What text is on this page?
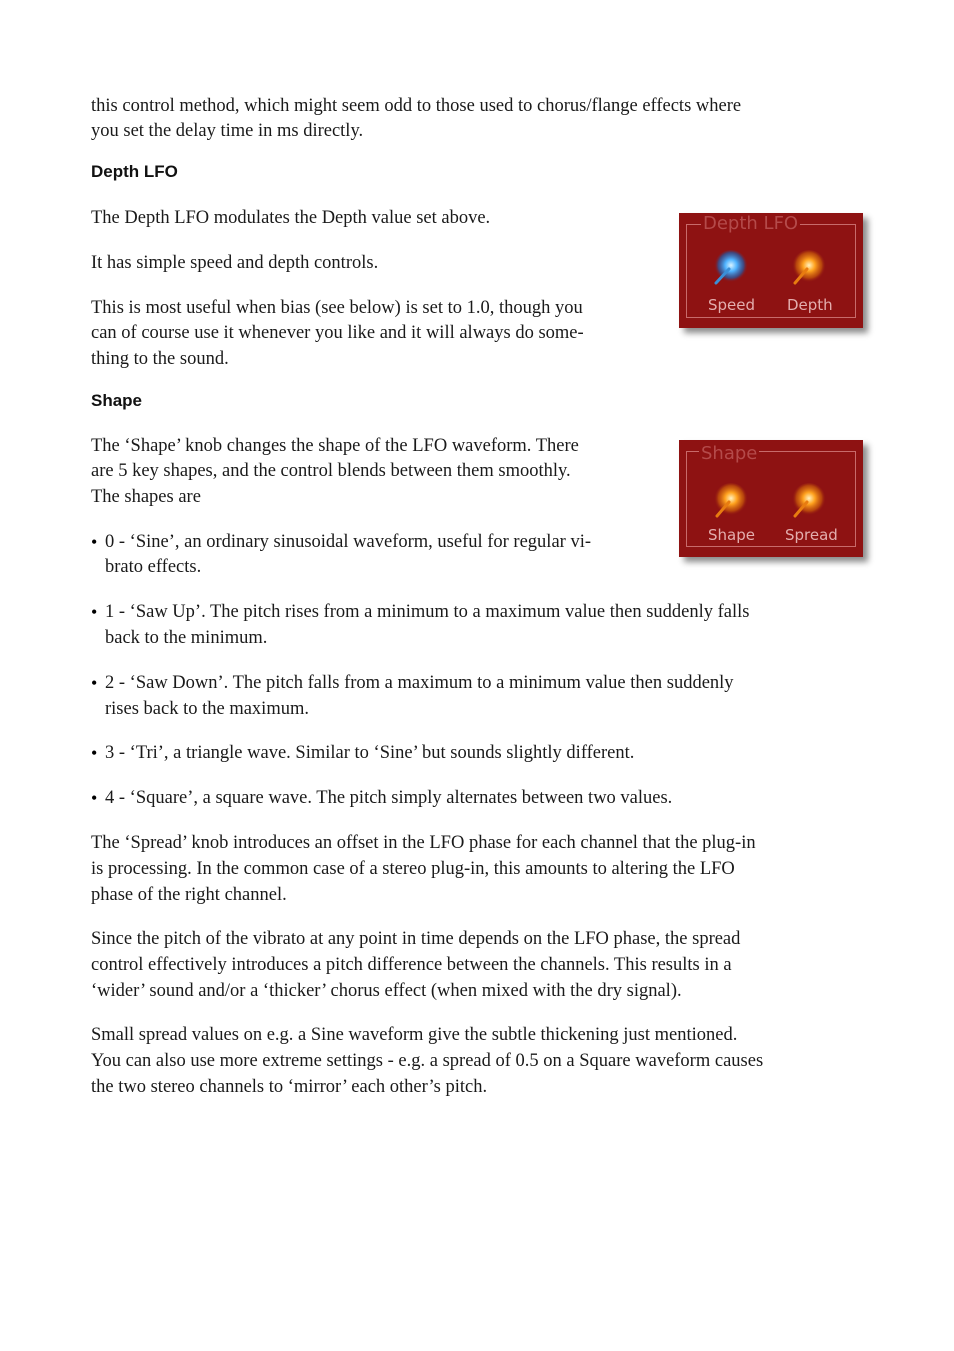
this control method, which might seem odd to those used to chorus/flange effects where
you set the delay time in ms directly.
Depth LFO
The Depth LFO modulates the Depth value set above.
It has simple speed and depth controls.
This is most useful when bias (see below) is set to 1.0, though you
can of course use it whenever you like and it will always do some-
thing to the sound.
Depth LFO
Speed Depth
Shape
The ‘Shape’ knob changes the shape of the LFO waveform. There
are 5 key shapes, and the control blends between them smoothly.
The shapes are
Shape
Shape Spread
• 0 - ‘Sine’, an ordinary sinusoidal waveform, useful for regular vi-
brato effects.
• 1 - ‘Saw Up’. The pitch rises from a minimum to a maximum value then suddenly falls
back to the minimum.
• 2 - ‘Saw Down’. The pitch falls from a maximum to a minimum value then suddenly
rises back to the maximum.
• 3 - ‘Tri’, a triangle wave. Similar to ‘Sine’ but sounds slightly different.
• 4 - ‘Square’, a square wave. The pitch simply alternates between two values.
The ‘Spread’ knob introduces an offset in the LFO phase for each channel that the plug-in
is processing. In the common case of a stereo plug-in, this amounts to altering the LFO
phase of the right channel.
Since the pitch of the vibrato at any point in time depends on the LFO phase, the spread
control effectively introduces a pitch difference between the channels. This results in a
‘wider’ sound and/or a ‘thicker’ chorus effect (when mixed with the dry signal).
Small spread values on e.g. a Sine waveform give the subtle thickening just mentioned.
You can also use more extreme settings - e.g. a spread of 0.5 on a Square waveform causes
the two stereo channels to ‘mirror’ each other’s pitch.
